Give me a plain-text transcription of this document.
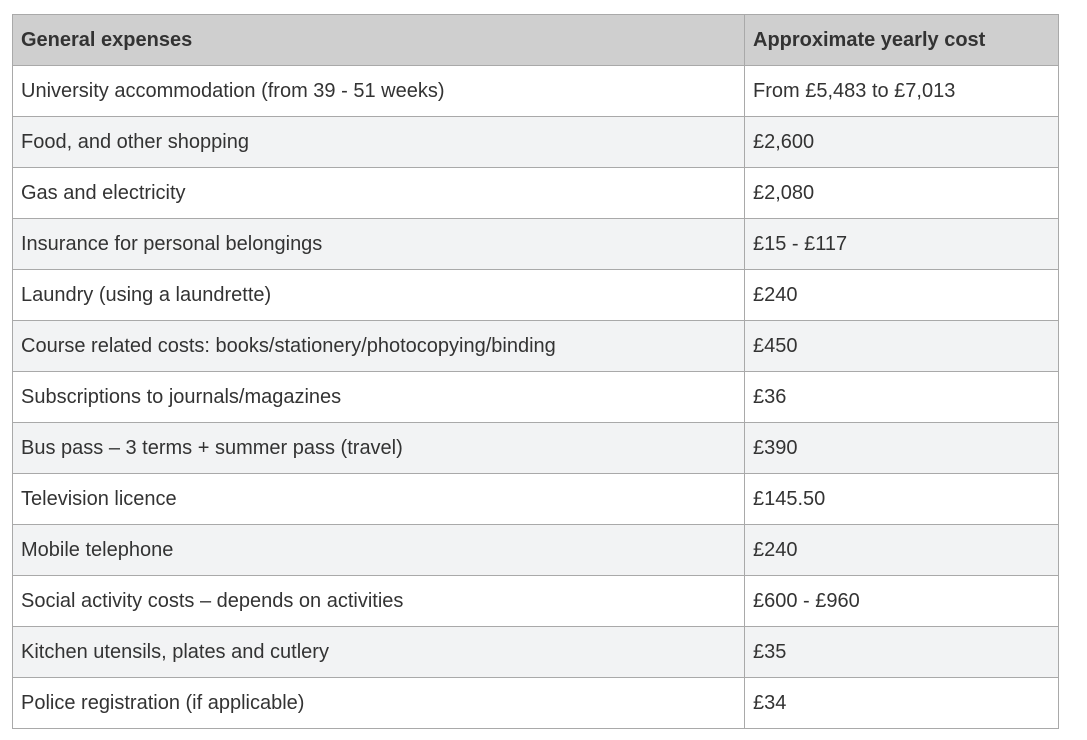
General expenses	Approximate yearly cost
University accommodation (from 39 - 51 weeks)	From £5,483 to £7,013
Food, and other shopping	£2,600
Gas and electricity	£2,080
Insurance for personal belongings	£15 - £117
Laundry (using a laundrette)	£240
Course related costs: books/stationery/photocopying/binding	£450
Subscriptions to journals/magazines	£36
Bus pass – 3 terms + summer pass (travel)	£390
Television licence	£145.50
Mobile telephone	£240
Social activity costs – depends on activities	£600 - £960
Kitchen utensils, plates and cutlery	£35
Police registration (if applicable)	£34
